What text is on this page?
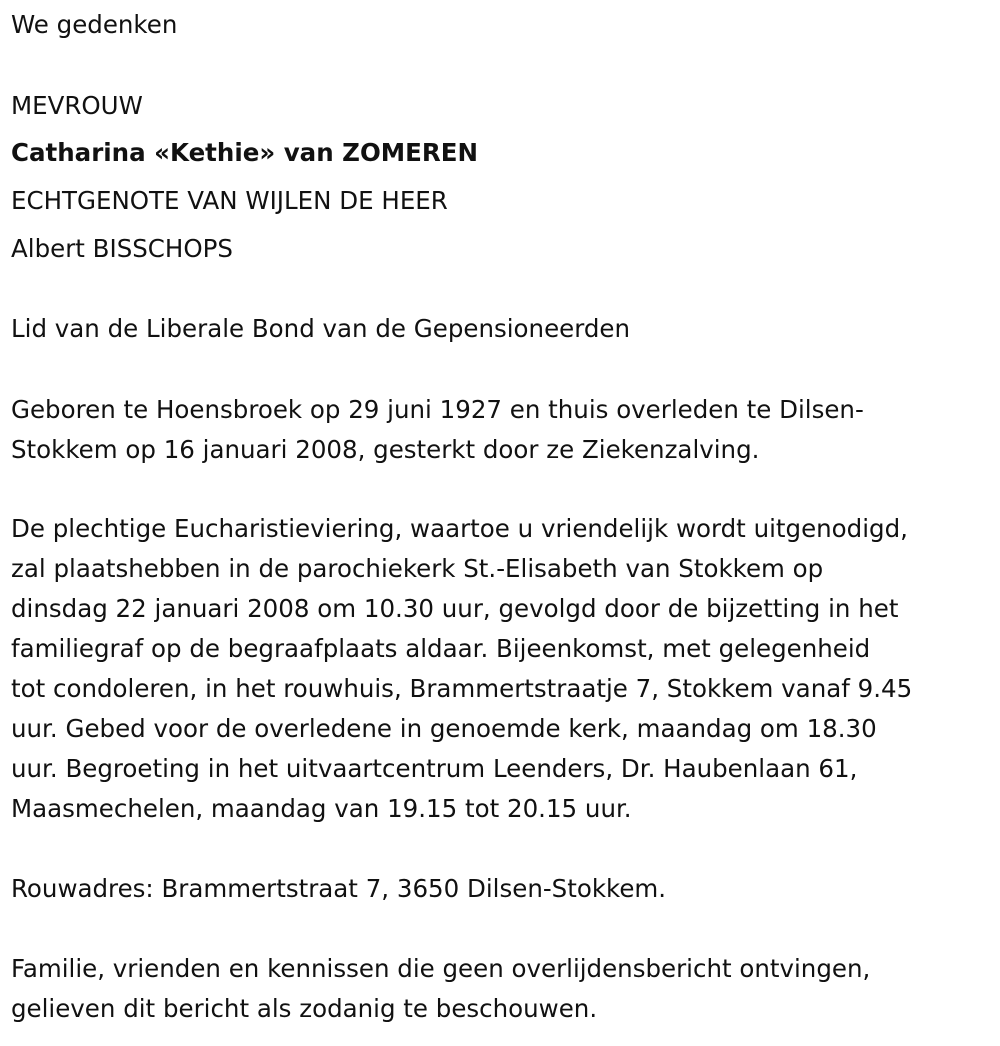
We gedenken
MEVROUW
Catharina «Kethie» van ZOMEREN
ECHTGENOTE VAN WIJLEN DE HEER
Albert BISSCHOPS
Lid van de Liberale Bond van de Gepensioneerden
Geboren te Hoensbroek op 29 juni 1927 en thuis overleden te Dilsen-
Stokkem op 16 januari 2008, gesterkt door ze Ziekenzalving.
De plechtige Eucharistieviering, waartoe u vriendelijk wordt uitgenodigd,
zal plaatshebben in de parochiekerk St.-Elisabeth van Stokkem op
dinsdag 22 januari 2008 om 10.30 uur, gevolgd door de bijzetting in het
familiegraf op de begraafplaats aldaar. Bijeenkomst, met gelegenheid
tot condoleren, in het rouwhuis, Brammertstraatje 7, Stokkem vanaf 9.45
uur. Gebed voor de overledene in genoemde kerk, maandag om 18.30
uur. Begroeting in het uitvaartcentrum Leenders, Dr. Haubenlaan 61,
Maasmechelen, maandag van 19.15 tot 20.15 uur.
Rouwadres: Brammertstraat 7, 3650 Dilsen-Stokkem.
Familie, vrienden en kennissen die geen overlijdensbericht ontvingen,
gelieven dit bericht als zodanig te beschouwen.
